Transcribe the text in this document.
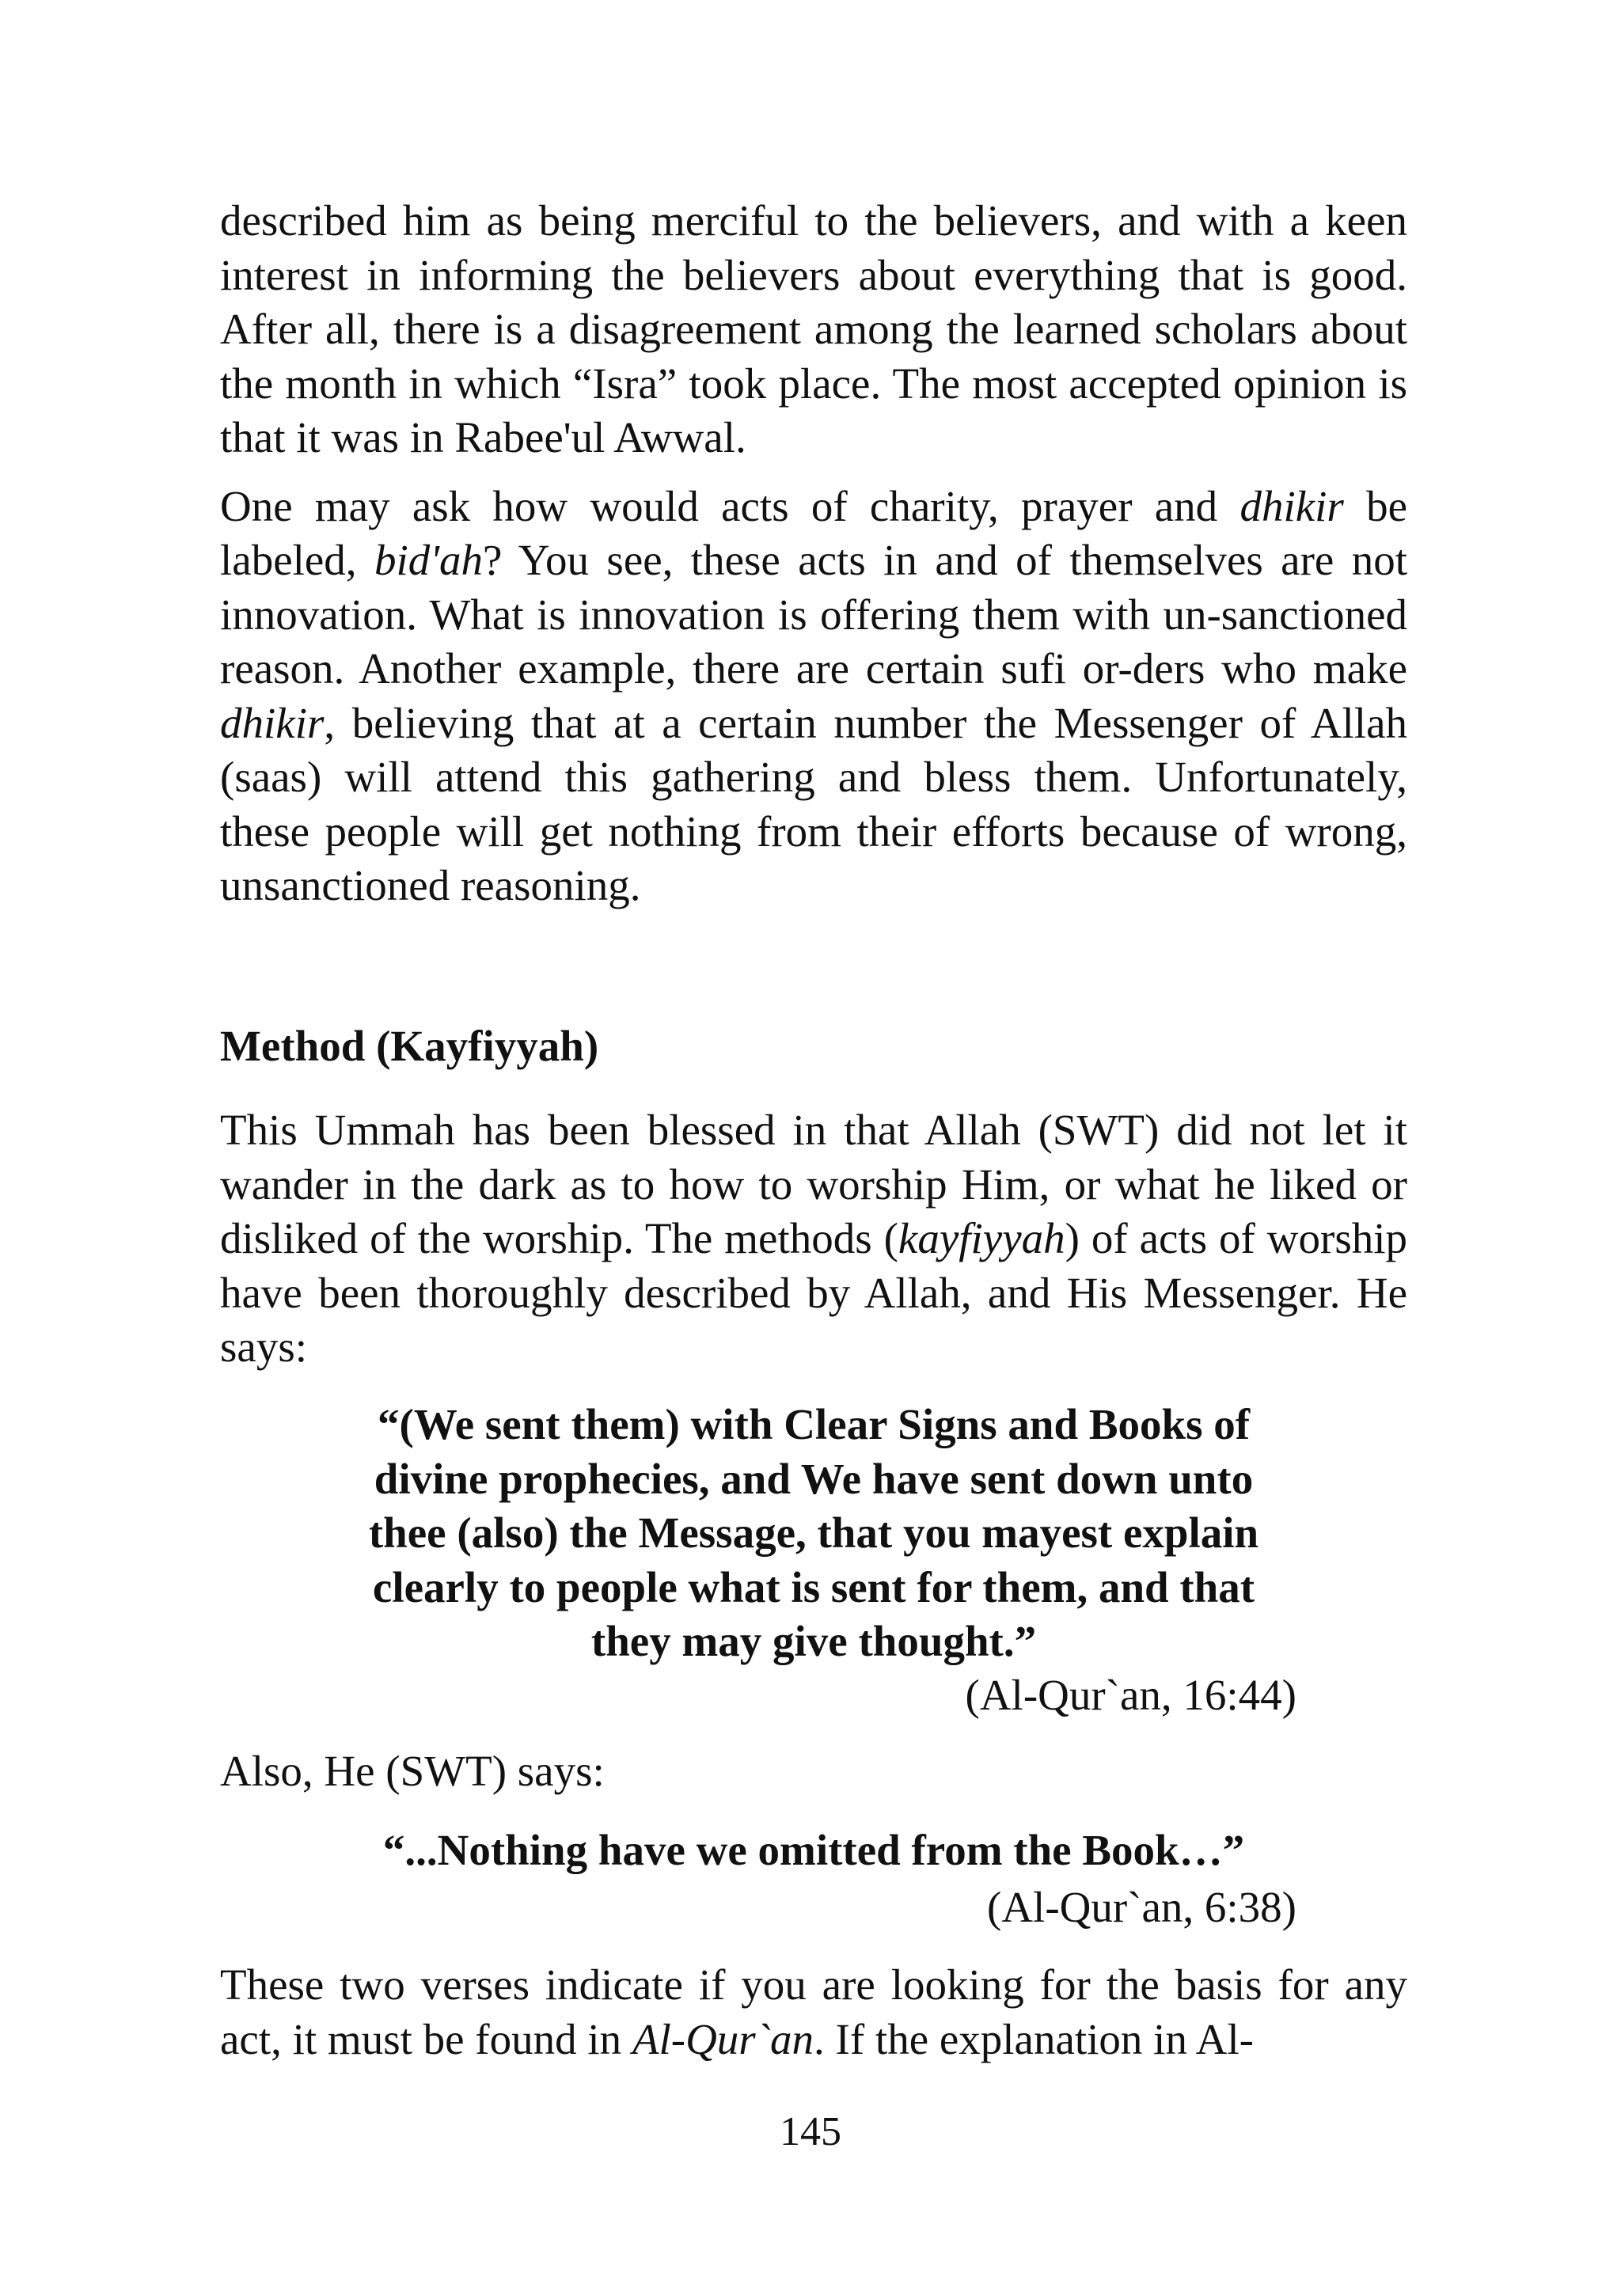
described him as being merciful to the believers, and with a keen interest in informing the believers about everything that is good. After all, there is a disagreement among the learned scholars about the month in which “Isra” took place. The most accepted opinion is that it was in Rabee'ul Awwal.

One may ask how would acts of charity, prayer and dhikir be labeled, bid'ah? You see, these acts in and of themselves are not innovation. What is innovation is offering them with un-sanctioned reason. Another example, there are certain sufi or-ders who make dhikir, believing that at a certain number the Messenger of Allah (saas) will attend this gathering and bless them. Unfortunately, these people will get nothing from their efforts because of wrong, unsanctioned reasoning.

Method (Kayfiyyah)

This Ummah has been blessed in that Allah (SWT) did not let it wander in the dark as to how to worship Him, or what he liked or disliked of the worship. The methods (kayfiyyah) of acts of worship have been thoroughly described by Allah, and His Messenger. He says:

“(We sent them) with Clear Signs and Books of
divine prophecies, and We have sent down unto
thee (also) the Message, that you mayest explain
clearly to people what is sent for them, and that
they may give thought.”

(Al-Qur`an, 16:44)

Also, He (SWT) says:

“...Nothing have we omitted from the Book…”

(Al-Qur`an, 6:38)

These two verses indicate if you are looking for the basis for any act, it must be found in Al-Qur`an. If the explanation in Al-

145
